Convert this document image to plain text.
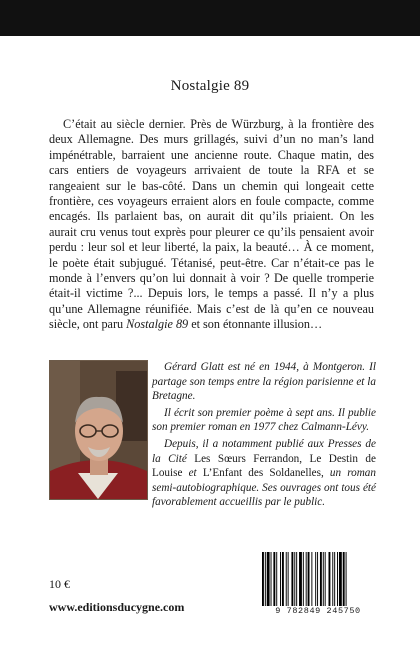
Nostalgie 89

C’était au siècle dernier. Près de Würzburg, à la frontière des deux Allemagne. Des murs grillagés, suivi d’un no man’s land impénétrable, barraient une ancienne route. Chaque matin, des cars entiers de voyageurs arrivaient de toute la RFA et se rangeaient sur le bas-côté. Dans un chemin qui longeait cette frontière, ces voyageurs erraient alors en foule compacte, comme encagés. Ils parlaient bas, on aurait dit qu’ils priaient. On les aurait cru venus tout exprès pour pleurer ce qu’ils pensaient avoir perdu : leur sol et leur liberté, la paix, la beauté… À ce moment, le poète était subjugué. Tétanisé, peut-être. Car n’était-ce pas le monde à l’envers qu’on lui donnait à voir ? De quelle tromperie était-il victime ?... Depuis lors, le temps a passé. Il n’y a plus qu’une Allemagne réunifiée. Mais c’est de là qu’en ce nouveau siècle, ont paru Nostalgie 89 et son étonnante illusion…

Gérard Glatt est né en 1944, à Montgeron. Il partage son temps entre la région parisienne et la Bretagne.

Il écrit son premier poème à sept ans. Il publie son premier roman en 1977 chez Calmann-Lévy.

Depuis, il a notamment publié aux Presses de la Cité Les Sœurs Ferrandon, Le Destin de Louise et L’Enfant des Soldanelles, un roman semi-autobiographique. Ses ouvrages ont tous été favorablement accueillis par le public.

10 €
www.editionsducygne.com	9 782849 245750
